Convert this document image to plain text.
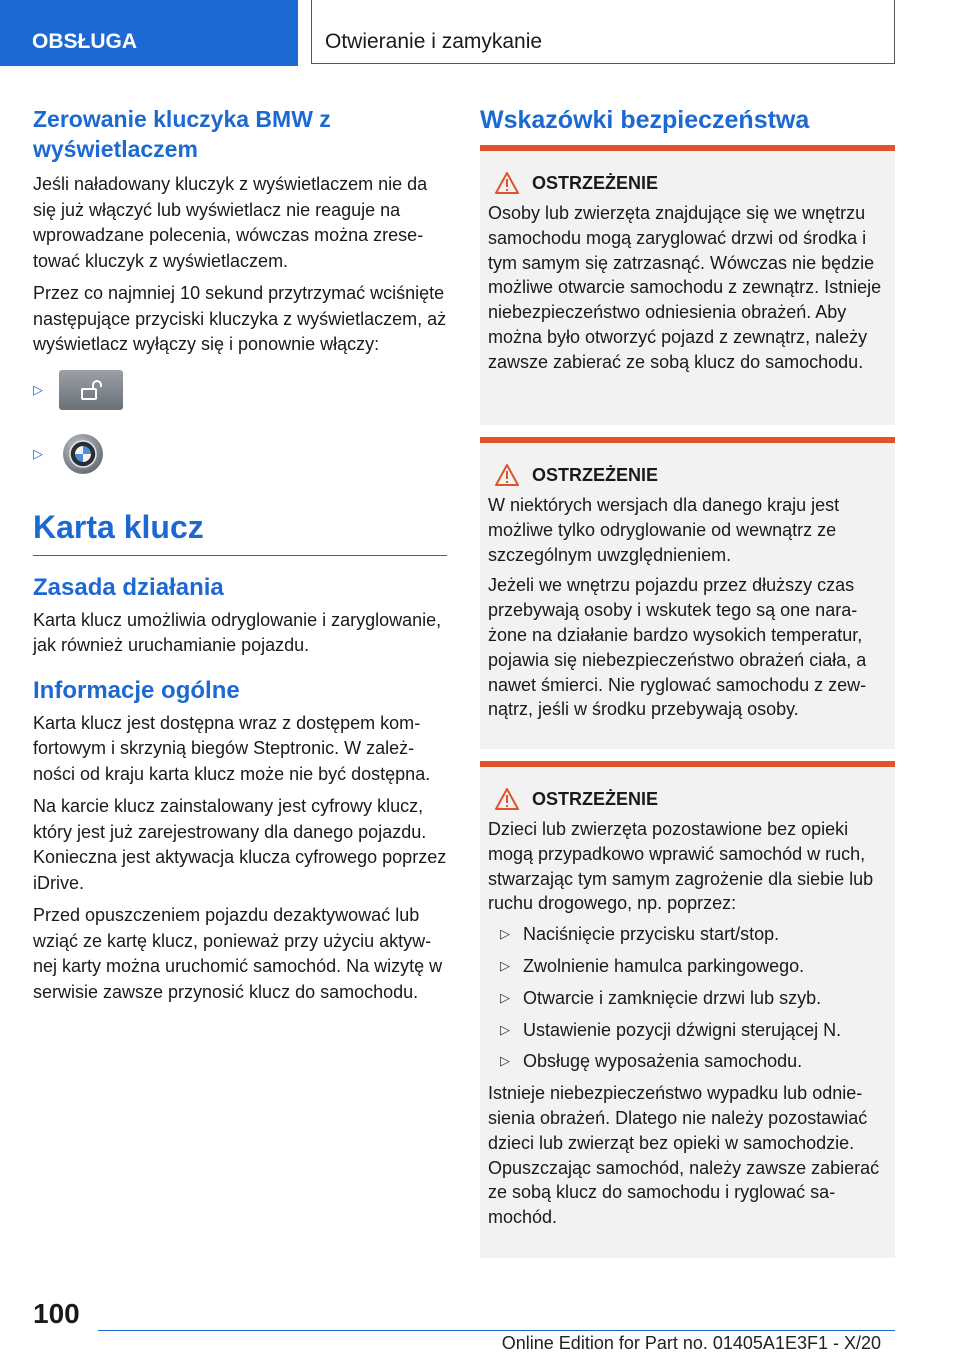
OBSŁUGA	Otwieranie i zamykanie
Zerowanie kluczyka BMW z wyświetlaczem

Jeśli naładowany kluczyk z wyświetlaczem nie da się już włączyć lub wyświetlacz nie reaguje na wprowadzane polecenia, wówczas można zresetować kluczyk z wyświetlaczem.

Przez co najmniej 10 sekund przytrzymać wciśnięte następujące przyciski kluczyka z wyświetlaczem, aż wyświetlacz wyłączy się i ponownie włączy:

▷
▷
Karta klucz
Zasada działania

Karta klucz umożliwia odryglowanie i zaryglowanie, jak również uruchamianie pojazdu.

Informacje ogólne

Karta klucz jest dostępna wraz z dostępem komfortowym i skrzynią biegów Steptronic. W zależności od kraju karta klucz może nie być dostępna.

Na karcie klucz zainstalowany jest cyfrowy klucz, który jest już zarejestrowany dla danego pojazdu. Konieczna jest aktywacja klucza cyfrowego poprzez iDrive.

Przed opuszczeniem pojazdu dezaktywować lub wziąć ze kartę klucz, ponieważ przy użyciu aktywnej karty można uruchomić samochód. Na wizytę w serwisie zawsze przynosić klucz do samochodu.

Wskazówki bezpieczeństwa
OSTRZEŻENIE

Osoby lub zwierzęta znajdujące się we wnętrzu samochodu mogą zaryglować drzwi od środka i tym samym się zatrzasnąć. Wówczas nie będzie możliwe otwarcie samochodu z zewnątrz. Istnieje niebezpieczeństwo odniesienia obrażeń. Aby można było otworzyć pojazd z zewnątrz, należy zawsze zabierać ze sobą klucz do samochodu.

OSTRZEŻENIE

W niektórych wersjach dla danego kraju jest możliwe tylko odryglowanie od wewnątrz ze szczególnym uwzględnieniem.

Jeżeli we wnętrzu pojazdu przez dłuższy czas przebywają osoby i wskutek tego są one narażone na działanie bardzo wysokich temperatur, pojawia się niebezpieczeństwo obrażeń ciała, a nawet śmierci. Nie ryglować samochodu z zewnątrz, jeśli w środku przebywają osoby.

OSTRZEŻENIE

Dzieci lub zwierzęta pozostawione bez opieki mogą przypadkowo wprawić samochód w ruch, stwarzając tym samym zagrożenie dla siebie lub ruchu drogowego, np. poprzez:

▷ Naciśnięcie przycisku start/stop.
▷ Zwolnienie hamulca parkingowego.
▷ Otwarcie i zamknięcie drzwi lub szyb.
▷ Ustawienie pozycji dźwigni sterującej N.
▷ Obsługę wyposażenia samochodu.

Istnieje niebezpieczeństwo wypadku lub odniesienia obrażeń. Dlatego nie należy pozostawiać dzieci lub zwierząt bez opieki w samochodzie. Opuszczając samochód, należy zawsze zabierać ze sobą klucz do samochodu i ryglować samochód.

100
Online Edition for Part no. 01405A1E3F1 - X/20
